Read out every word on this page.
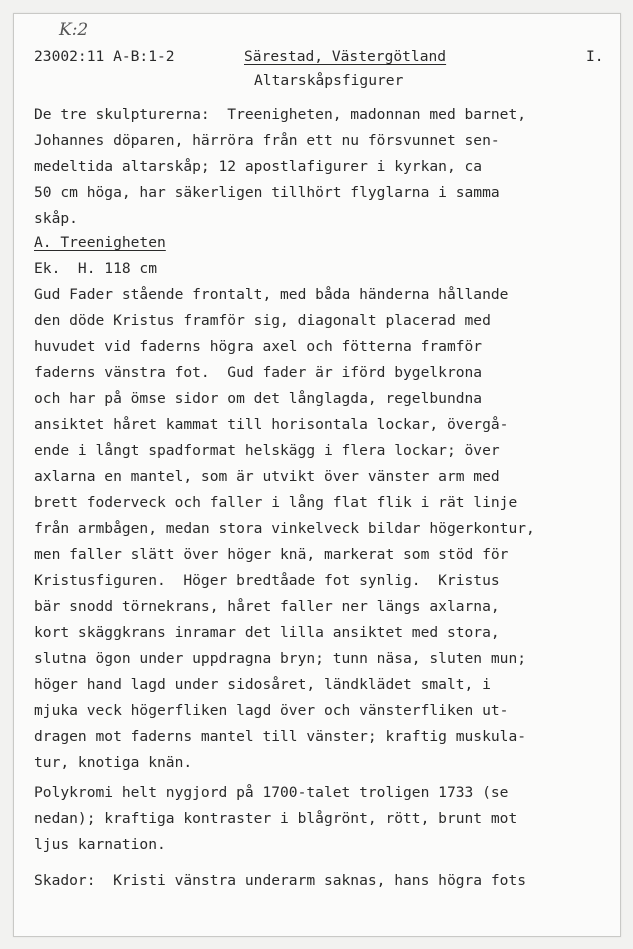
K:2
23002:11 A-B:1-2	Särestad, Västergötland	I.
Altarskåpsfigurer
De tre skulpturerna:  Treenigheten, madonnan med barnet,
Johannes döparen, härröra från ett nu försvunnet sen-
medeltida altarskåp; 12 apostlafigurer i kyrkan, ca
50 cm höga, har säkerligen tillhört flyglarna i samma
skåp.
A. Treenigheten
Ek.  H. 118 cm
Gud Fader stående frontalt, med båda händerna hållande
den döde Kristus framför sig, diagonalt placerad med
huvudet vid faderns högra axel och fötterna framför
faderns vänstra fot.  Gud fader är iförd bygelkrona
och har på ömse sidor om det långlagda, regelbundna
ansiktet håret kammat till horisontala lockar, övergå-
ende i långt spadformat helskägg i flera lockar; över
axlarna en mantel, som är utvikt över vänster arm med
brett foderveck och faller i lång flat flik i rät linje
från armbågen, medan stora vinkelveck bildar högerkontur,
men faller slätt över höger knä, markerat som stöd för
Kristusfiguren.  Höger bredtåade fot synlig.  Kristus
bär snodd törnekrans, håret faller ner längs axlarna,
kort skäggkrans inramar det lilla ansiktet med stora,
slutna ögon under uppdragna bryn; tunn näsa, sluten mun;
höger hand lagd under sidosåret, ländklädet smalt, i
mjuka veck högerfliken lagd över och vänsterfliken ut-
dragen mot faderns mantel till vänster; kraftig muskula-
tur, knotiga knän.
Polykromi helt nygjord på 1700-talet troligen 1733 (se
nedan); kraftiga kontraster i blågrönt, rött, brunt mot
ljus karnation.
Skador:  Kristi vänstra underarm saknas, hans högra fots
